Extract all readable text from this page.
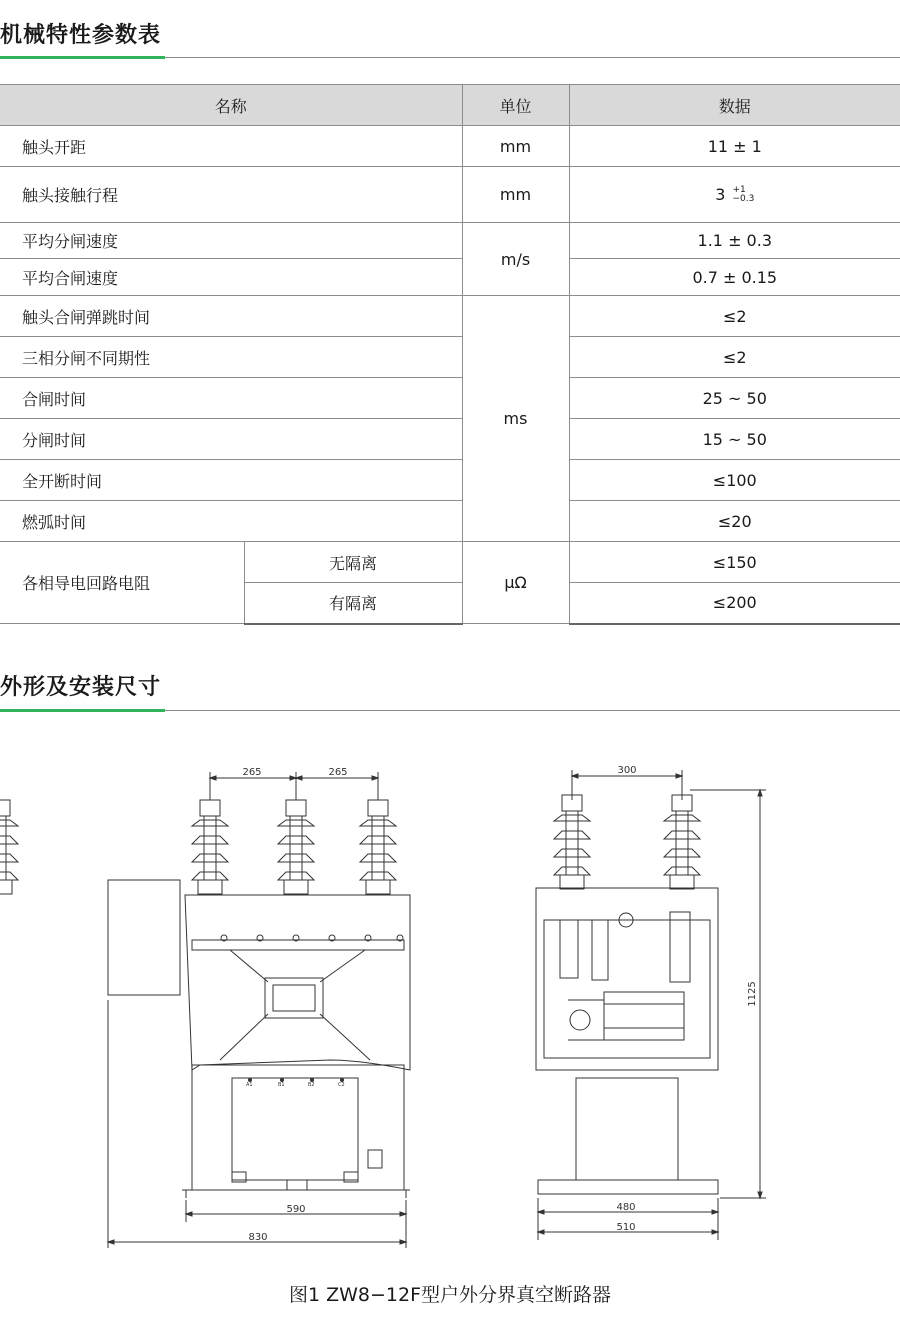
机械特性参数表
名称		单位	数据
触头开距		mm	11 ± 1
触头接触行程		mm	3 +1
−0.3
平均分闸速度		m/s	1.1 ± 0.3
平均合闸速度			0.7 ± 0.15
触头合闸弹跳时间		ms	≤2
三相分闸不同期性			≤2
合闸时间			25 ~ 50
分闸时间			15 ~ 50
全开断时间			≤100
燃弧时间			≤20
各相导电回路电阻	无隔离	μΩ	≤150
	有隔离		≤200
外形及安装尺寸
A1	B1	B2	C2
265	265
590
830
300
480
510
1125
图1 ZW8−12F型户外分界真空断路器
